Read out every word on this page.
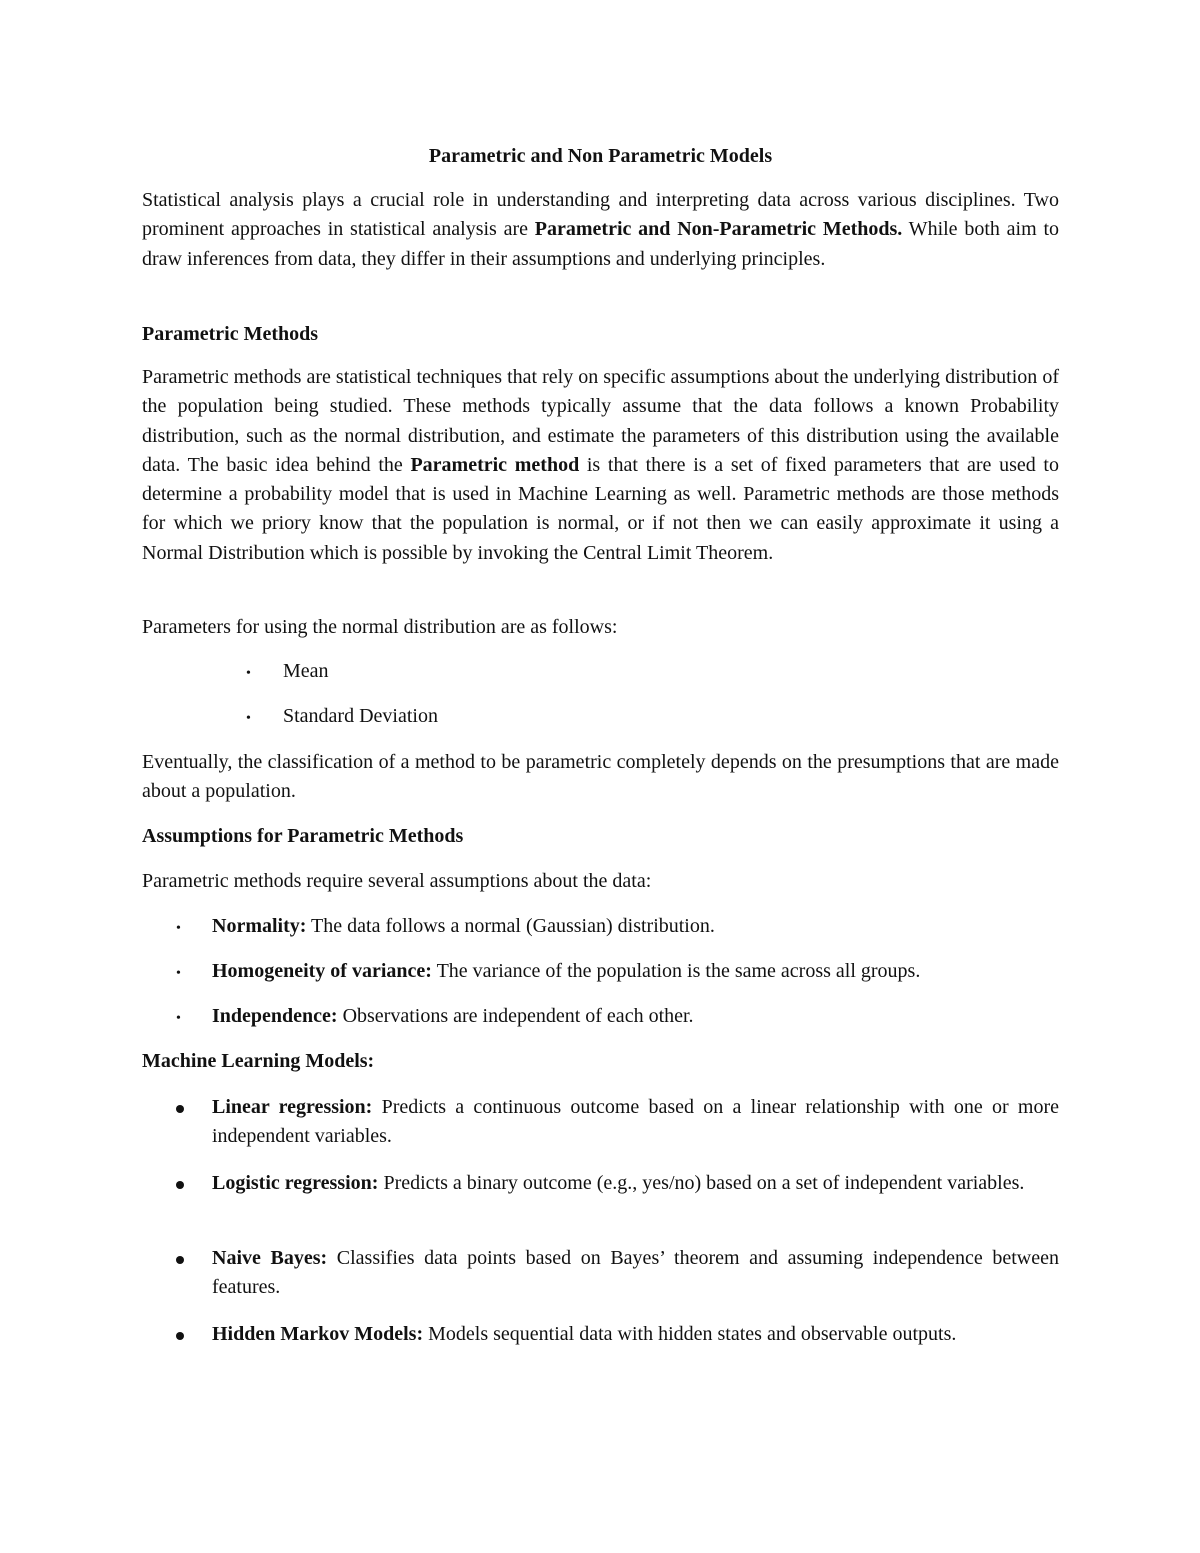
Parametric and Non Parametric Models

Statistical analysis plays a crucial role in understanding and interpreting data across various disciplines. Two prominent approaches in statistical analysis are Parametric and Non-Parametric Methods. While both aim to draw inferences from data, they differ in their assumptions and underlying principles.

Parametric Methods

Parametric methods are statistical techniques that rely on specific assumptions about the underlying distribution of the population being studied. These methods typically assume that the data follows a known Probability distribution, such as the normal distribution, and estimate the parameters of this distribution using the available data. The basic idea behind the Parametric method is that there is a set of fixed parameters that are used to determine a probability model that is used in Machine Learning as well. Parametric methods are those methods for which we priory know that the population is normal, or if not then we can easily approximate it using a Normal Distribution which is possible by invoking the Central Limit Theorem.

Parameters for using the normal distribution are as follows:

•
Mean
•
Standard Deviation

Eventually, the classification of a method to be parametric completely depends on the presumptions that are made about a population.

Assumptions for Parametric Methods

Parametric methods require several assumptions about the data:

•
Normality: The data follows a normal (Gaussian) distribution.
•
Homogeneity of variance: The variance of the population is the same across all groups.
•
Independence: Observations are independent of each other.
Machine Learning Models:
Linear regression: Predicts a continuous outcome based on a linear relationship with one or more independent variables.
Logistic regression: Predicts a binary outcome (e.g., yes/no) based on a set of independent variables.
Naive Bayes: Classifies data points based on Bayes’ theorem and assuming independence between features.
Hidden Markov Models: Models sequential data with hidden states and observable outputs.
